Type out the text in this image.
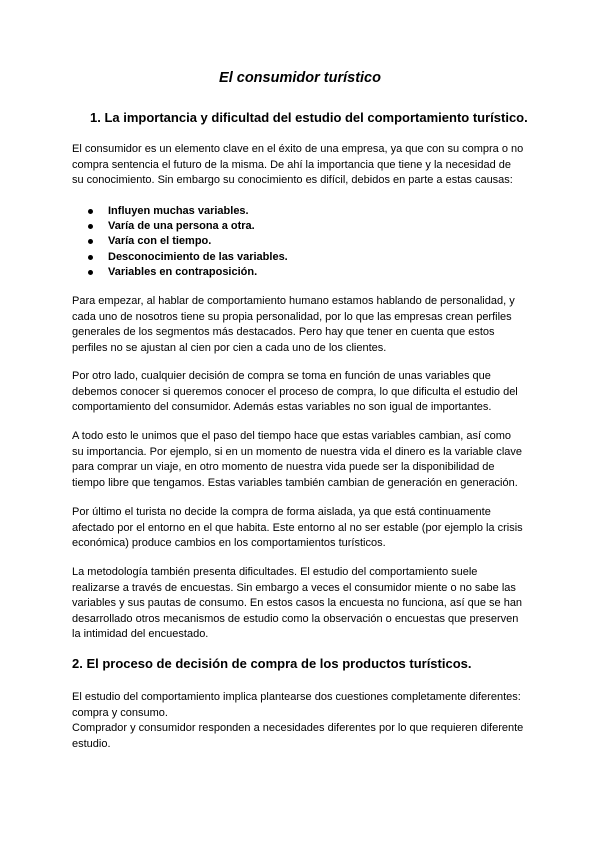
El consumidor turístico
1. La importancia y dificultad del estudio del comportamiento turístico.

El consumidor es un elemento clave en el éxito de una empresa, ya que con su compra o no
compra sentencia el futuro de la misma. De ahí la importancia que tiene y la necesidad de
su conocimiento. Sin embargo su conocimiento es difícil, debidos en parte a estas causas:

Influyen muchas variables.
Varía de una persona a otra.
Varía con el tiempo.
Desconocimiento de las variables.
Variables en contraposición.

Para empezar, al hablar de comportamiento humano estamos hablando de personalidad, y
cada uno de nosotros tiene su propia personalidad, por lo que las empresas crean perfiles
generales de los segmentos más destacados. Pero hay que tener en cuenta que estos
perfiles no se ajustan al cien por cien a cada uno de los clientes.

Por otro lado, cualquier decisión de compra se toma en función de unas variables que
debemos conocer si queremos conocer el proceso de compra, lo que dificulta el estudio del
comportamiento del consumidor. Además estas variables no son igual de importantes.

A todo esto le unimos que el paso del tiempo hace que estas variables cambian, así como
su importancia. Por ejemplo, si en un momento de nuestra vida el dinero es la variable clave
para comprar un viaje, en otro momento de nuestra vida puede ser la disponibilidad de
tiempo libre que tengamos. Estas variables también cambian de generación en generación.

Por último el turista no decide la compra de forma aislada, ya que está continuamente
afectado por el entorno en el que habita. Este entorno al no ser estable (por ejemplo la crisis
económica) produce cambios en los comportamientos turísticos.

La metodología también presenta dificultades. El estudio del comportamiento suele
realizarse a través de encuestas. Sin embargo a veces el consumidor miente o no sabe las
variables y sus pautas de consumo. En estos casos la encuesta no funciona, así que se han
desarrollado otros mecanismos de estudio como la observación o encuestas que preserven
la intimidad del encuestado.

2. El proceso de decisión de compra de los productos turísticos.

El estudio del comportamiento implica plantearse dos cuestiones completamente diferentes:
compra y consumo.
Comprador y consumidor responden a necesidades diferentes por lo que requieren diferente
estudio.
